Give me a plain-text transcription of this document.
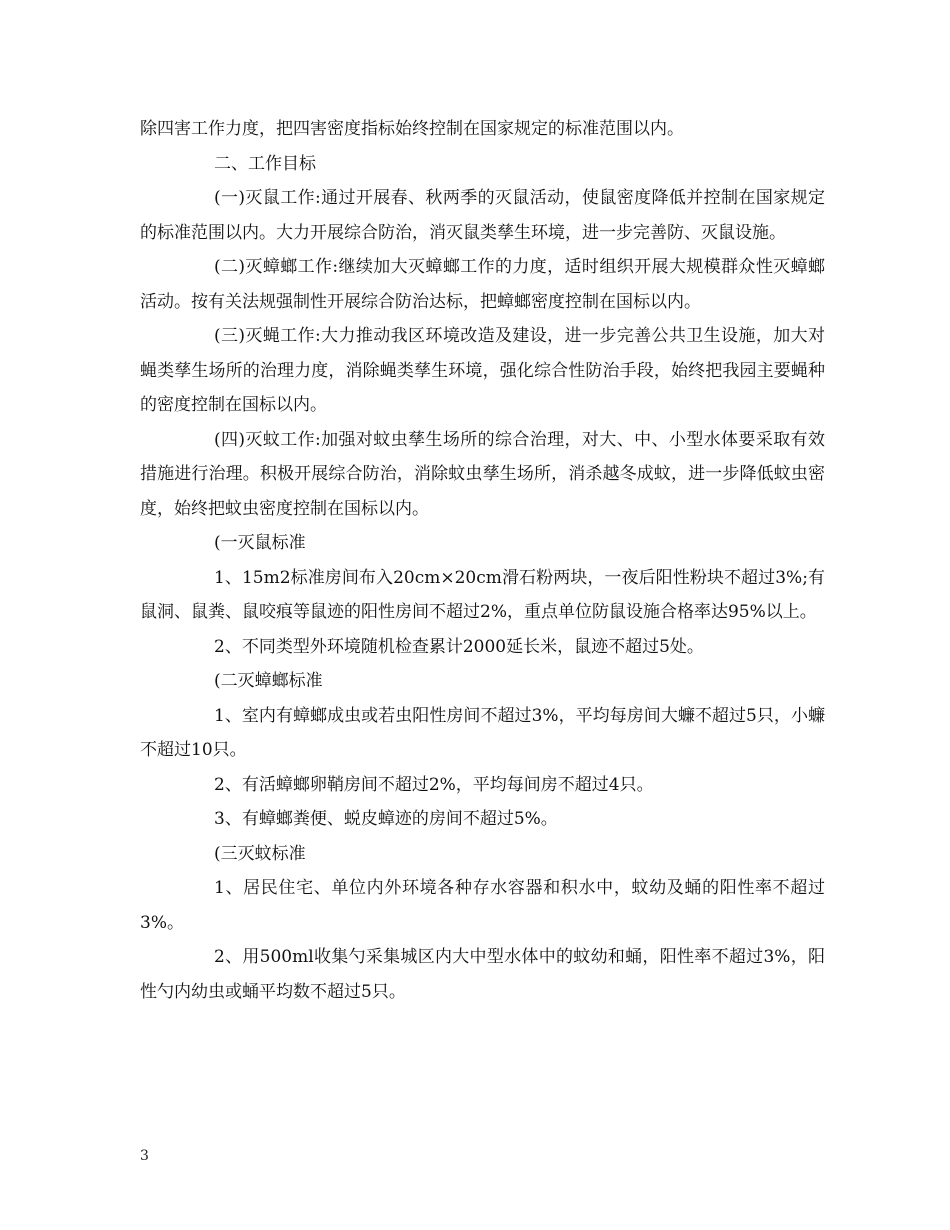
除四害工作力度，把四害密度指标始终控制在国家规定的标准范围以内。

二、工作目标

(一)灭鼠工作:通过开展春、秋两季的灭鼠活动，使鼠密度降低并控制在国家规定的标准范围以内。大力开展综合防治，消灭鼠类孳生环境，进一步完善防、灭鼠设施。

(二)灭蟑螂工作:继续加大灭蟑螂工作的力度，适时组织开展大规模群众性灭蟑螂活动。按有关法规强制性开展综合防治达标，把蟑螂密度控制在国标以内。

(三)灭蝇工作:大力推动我区环境改造及建设，进一步完善公共卫生设施，加大对蝇类孳生场所的治理力度，消除蝇类孳生环境，强化综合性防治手段，始终把我园主要蝇种的密度控制在国标以内。

(四)灭蚊工作:加强对蚊虫孳生场所的综合治理，对大、中、小型水体要采取有效措施进行治理。积极开展综合防治，消除蚊虫孳生场所，消杀越冬成蚊，进一步降低蚊虫密度，始终把蚊虫密度控制在国标以内。

(一灭鼠标准

1、15m2标准房间布入20cm×20cm滑石粉两块，一夜后阳性粉块不超过3%;有鼠洞、鼠粪、鼠咬痕等鼠迹的阳性房间不超过2%，重点单位防鼠设施合格率达95%以上。

2、不同类型外环境随机检查累计2000延长米，鼠迹不超过5处。

(二灭蟑螂标准

1、室内有蟑螂成虫或若虫阳性房间不超过3%，平均每房间大蠊不超过5只，小蠊不超过10只。

2、有活蟑螂卵鞘房间不超过2%，平均每间房不超过4只。

3、有蟑螂粪便、蜕皮蟑迹的房间不超过5%。

(三灭蚊标准

1、居民住宅、单位内外环境各种存水容器和积水中，蚊幼及蛹的阳性率不超过3%。

2、用500ml收集勺采集城区内大中型水体中的蚊幼和蛹，阳性率不超过3%，阳性勺内幼虫或蛹平均数不超过5只。

3
